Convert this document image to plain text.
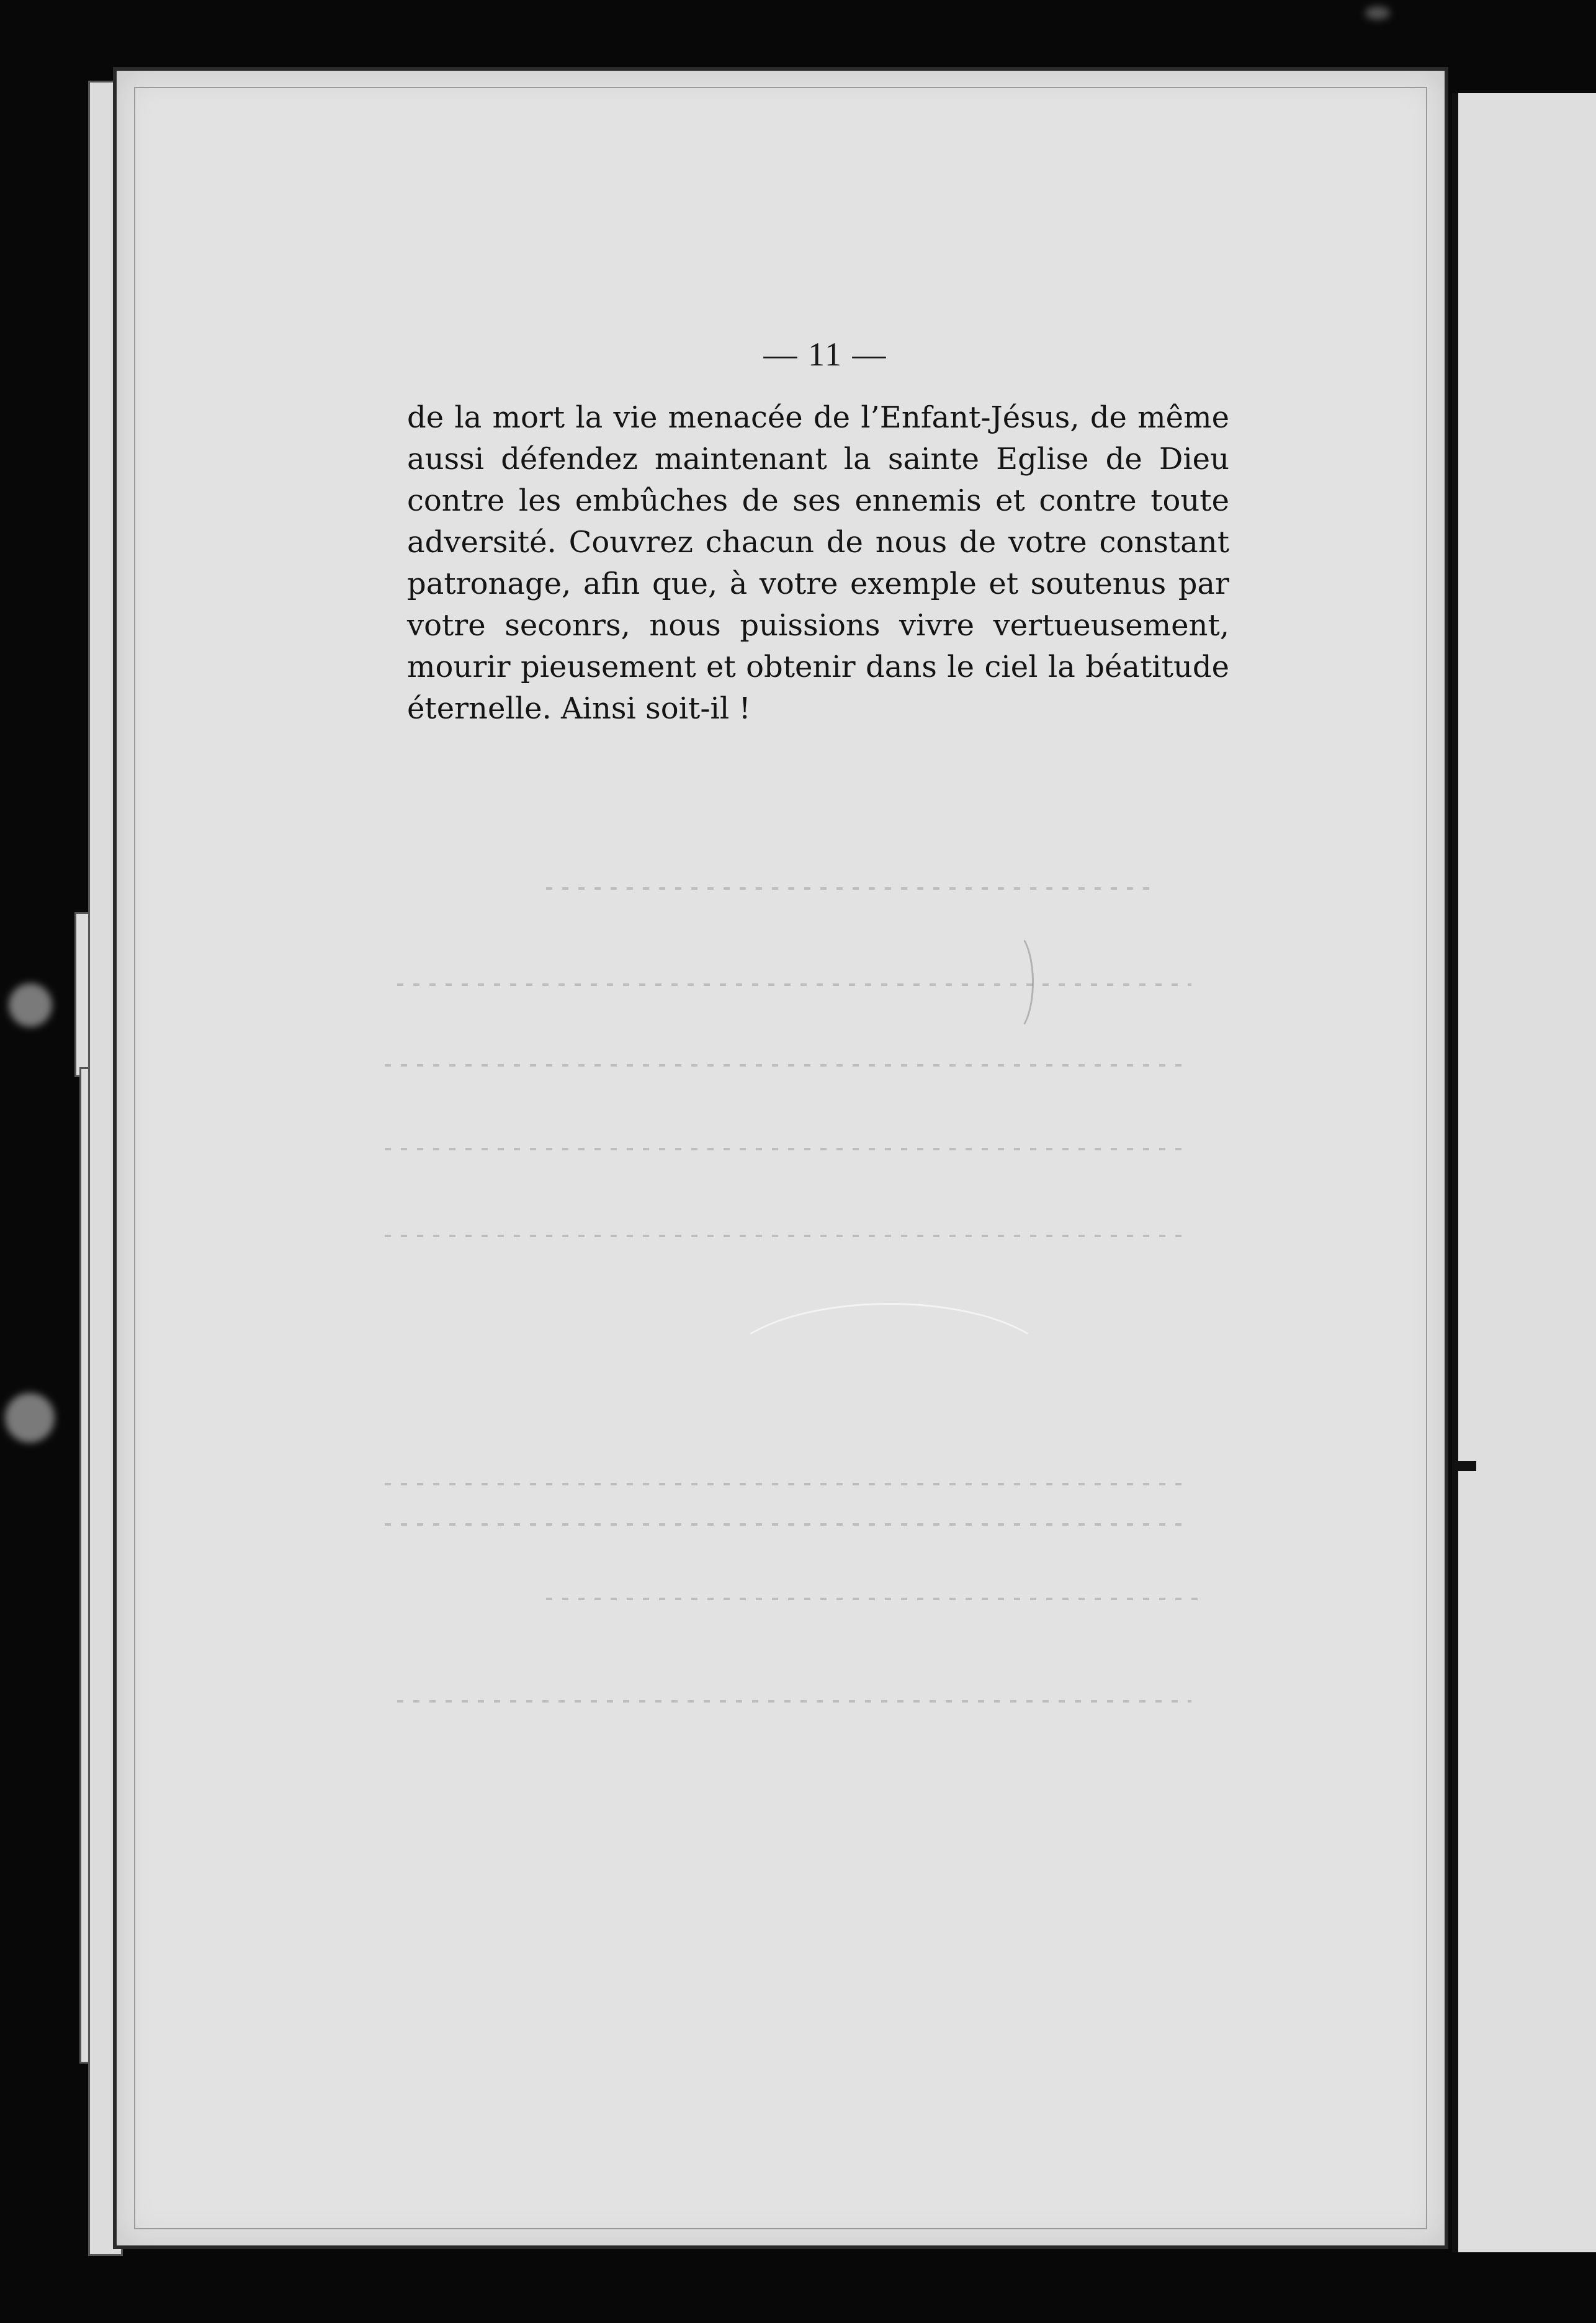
— 11 —
de la mort la vie menacée de l’Enfant-Jésus, de même
aussi défendez maintenant la sainte Eglise de Dieu
contre les embûches de ses ennemis et contre toute
adversité. Couvrez chacun de nous de votre constant
patronage, afin que, à votre exemple et soutenus par
votre seconrs, nous puissions vivre vertueusement,
mourir pieusement et obtenir dans le ciel la béatitude
éternelle. Ainsi soit-il !
